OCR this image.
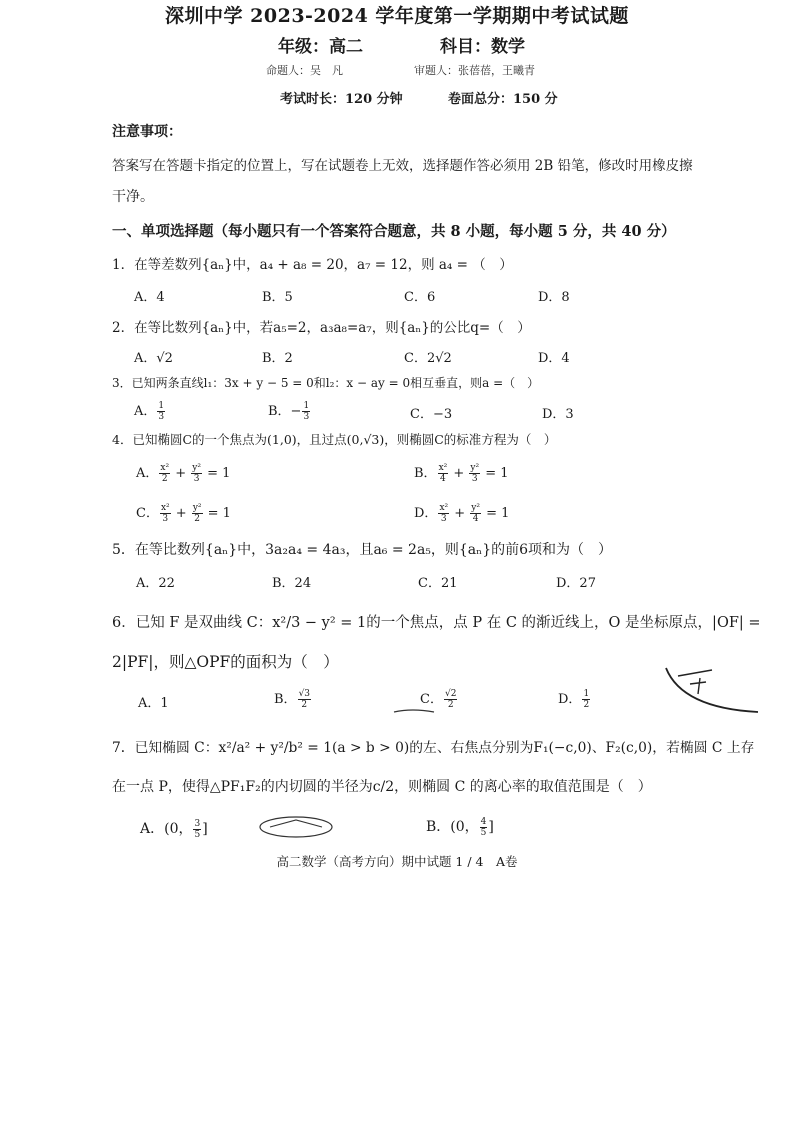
深圳中学 2023-2024 学年度第一学期期中考试试题
年级：高二	科目：数学
命题人：吴　凡	审题人：张蓓蓓，王曦青
考试时长：120 分钟	卷面总分：150 分
注意事项：
答案写在答题卡指定的位置上，写在试题卷上无效，选择题作答必须用 2B 铅笔，修改时用橡皮擦
干净。
一、单项选择题（每小题只有一个答案符合题意，共 8 小题，每小题 5 分，共 40 分）
1．在等差数列{aₙ}中，a₄ + a₈ = 20，a₇ = 12，则 a₄ = （　）
A．4	B．5	C．6	D．8
2．在等比数列{aₙ}中，若a₅=2，a₃a₈=a₇，则{aₙ}的公比q=（　）
A．√2	B．2	C．2√2	D．4
3．已知两条直线l₁：3x + y − 5 = 0和l₂：x − ay = 0相互垂直，则a =（　）
A． $\frac{1}{3}$	B．− $\frac{1}{3}$	C．−3	D．3
4．已知椭圆C的一个焦点为(1,0)，且过点(0,√3)，则椭圆C的标准方程为（　）
A． $\frac{\text{x²}}{2} + \frac{\text{y²}}{3} = 1$	B． $\frac{\text{x²}}{4} + \frac{\text{y²}}{3} = 1$
C． $\frac{\text{x²}}{3} + \frac{\text{y²}}{2} = 1$	D． $\frac{\text{x²}}{3} + \frac{\text{y²}}{4} = 1$
5．在等比数列{aₙ}中，3a₂a₄ = 4a₃，且a₆ = 2a₅，则{aₙ}的前6项和为（　）
A．22	B．24	C．21	D．27
6．已知 F 是双曲线 C：x²/3 − y² = 1的一个焦点，点 P 在 C 的渐近线上，O 是坐标原点，|OF| =
2|PF|，则△OPF的面积为（　）
A．1	B． $\frac{√3}{2}$	C． $\frac{√2}{2}$	D． $\frac{1}{2}$
7．已知椭圆 C：x²/a² + y²/b² = 1(a > b > 0)的左、右焦点分别为F₁(−c,0)、F₂(c,0)，若椭圆 C 上存
在一点 P，使得△PF₁F₂的内切圆的半径为c/2，则椭圆 C 的离心率的取值范围是（　）
A．(0， $\frac{3}{5}$ ]	B．(0， $\frac{4}{5}$ ]
高二数学（高考方向）期中试题 1 / 4　A卷
